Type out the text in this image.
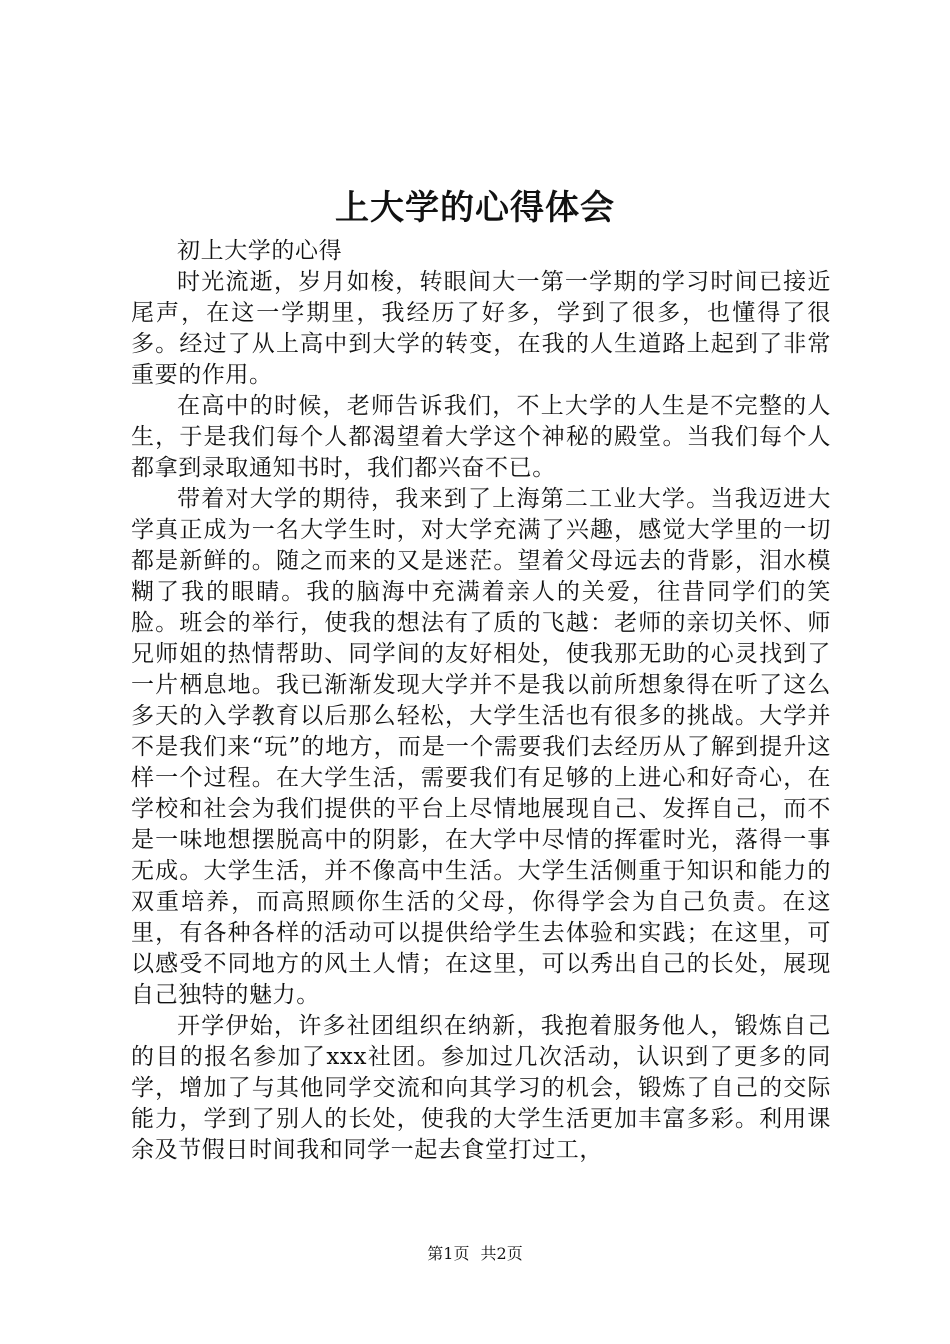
上大学的心得体会

初上大学的心得

时光流逝，岁月如梭，转眼间大一第一学期的学习时间已接近尾声，在这一学期里，我经历了好多，学到了很多，也懂得了很多。经过了从上高中到大学的转变，在我的人生道路上起到了非常重要的作用。

在高中的时候，老师告诉我们，不上大学的人生是不完整的人生，于是我们每个人都渴望着大学这个神秘的殿堂。当我们每个人都拿到录取通知书时，我们都兴奋不已。

带着对大学的期待，我来到了上海第二工业大学。当我迈进大学真正成为一名大学生时，对大学充满了兴趣，感觉大学里的一切都是新鲜的。随之而来的又是迷茫。望着父母远去的背影，泪水模糊了我的眼睛。我的脑海中充满着亲人的关爱，往昔同学们的笑脸。班会的举行，使我的想法有了质的飞越：老师的亲切关怀、师兄师姐的热情帮助、同学间的友好相处，使我那无助的心灵找到了一片栖息地。我已渐渐发现大学并不是我以前所想象得在听了这么多天的入学教育以后那么轻松，大学生活也有很多的挑战。大学并不是我们来“玩”的地方，而是一个需要我们去经历从了解到提升这样一个过程。在大学生活，需要我们有足够的上进心和好奇心，在学校和社会为我们提供的平台上尽情地展现自己、发挥自己，而不是一味地想摆脱高中的阴影，在大学中尽情的挥霍时光，落得一事无成。大学生活，并不像高中生活。大学生活侧重于知识和能力的双重培养，而高照顾你生活的父母，你得学会为自己负责。在这里，有各种各样的活动可以提供给学生去体验和实践；在这里，可以感受不同地方的风土人情；在这里，可以秀出自己的长处，展现自己独特的魅力。

开学伊始，许多社团组织在纳新，我抱着服务他人，锻炼自己的目的报名参加了xxx社团。参加过几次活动，认识到了更多的同学，增加了与其他同学交流和向其学习的机会，锻炼了自己的交际能力，学到了别人的长处，使我的大学生活更加丰富多彩。利用课余及节假日时间我和同学一起去食堂打过工，

第1页 共2页
